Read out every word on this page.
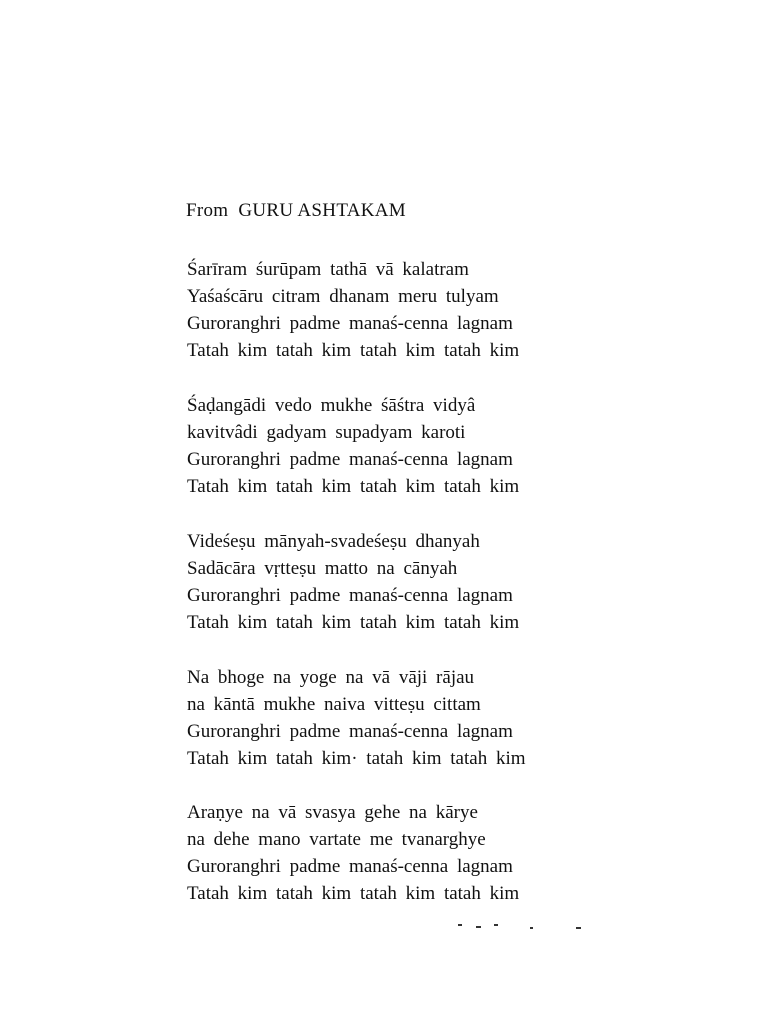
From GURU ASHTAKAM
Śarīram śurūpam tathā vā kalatram
Yaśaścāru citram dhanam meru tulyam
Guroranghri padme manaś-cenna lagnam
Tatah kim tatah kim tatah kim tatah kim
Śaḍangādi vedo mukhe śāśtra vidyâ
kavitvâdi gadyam supadyam karoti
Guroranghri padme manaś-cenna lagnam
Tatah kim tatah kim tatah kim tatah kim
Videśeṣu mānyah-svadeśeṣu dhanyah
Sadācāra vṛtteṣu matto na cānyah
Guroranghri padme manaś-cenna lagnam
Tatah kim tatah kim tatah kim tatah kim
Na bhoge na yoge na vā vāji rājau
na kāntā mukhe naiva vitteṣu cittam
Guroranghri padme manaś-cenna lagnam
Tatah kim tatah kim· tatah kim tatah kim
Araṇye na vā svasya gehe na kārye
na dehe mano vartate me tvanarghye
Guroranghri padme manaś-cenna lagnam
Tatah kim tatah kim tatah kim tatah kim
